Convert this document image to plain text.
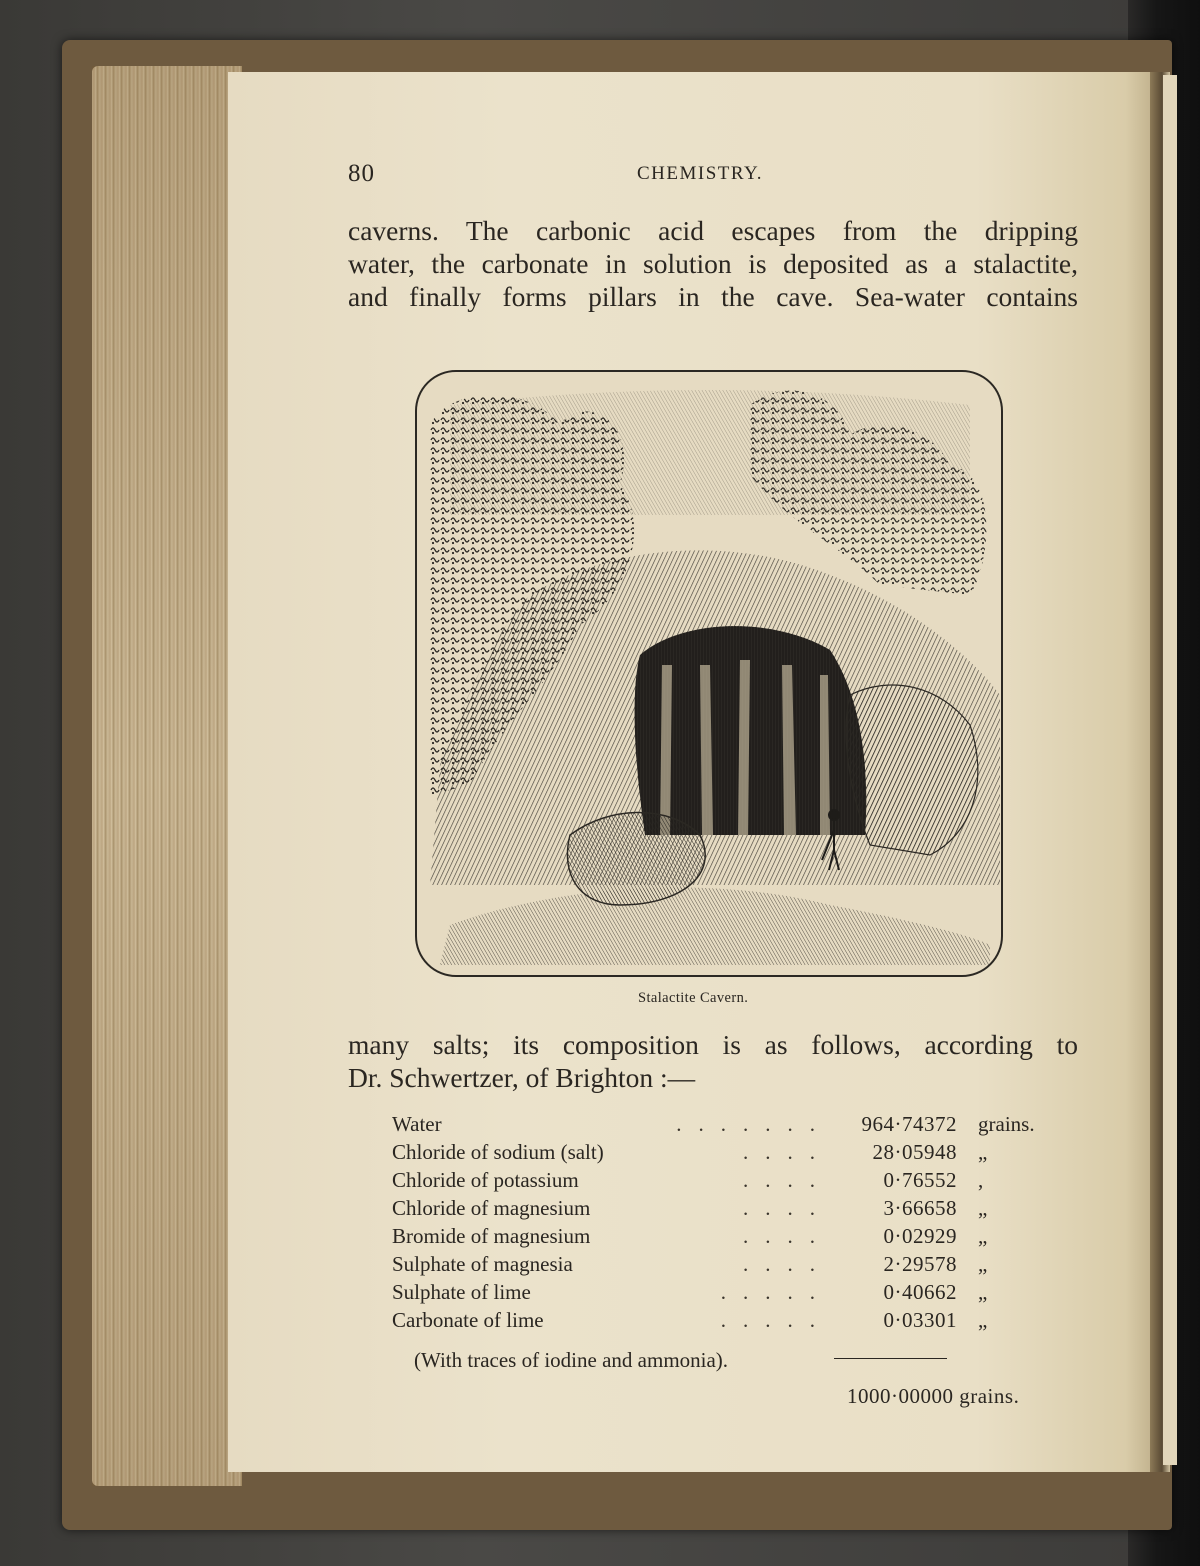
80	CHEMISTRY.
caverns. The carbonic acid escapes from the dripping
water, the carbonate in solution is deposited as a stalactite,
and finally forms pillars in the cave. Sea-water contains
Stalactite Cavern.
many salts; its composition is as follows, according to
Dr. Schwertzer, of Brighton :—
Water	.......	964·74372 grains.
Chloride of sodium (salt)	....	28·05948 „
Chloride of potassium	....	0·76552 ,
Chloride of magnesium	....	3·66658 „
Bromide of magnesium	....	0·02929 „
Sulphate of magnesia	....	2·29578 „
Sulphate of lime	.....	0·40662 „
Carbonate of lime	.....	0·03301 „
(With traces of iodine and ammonia).
1000·00000 grains.
